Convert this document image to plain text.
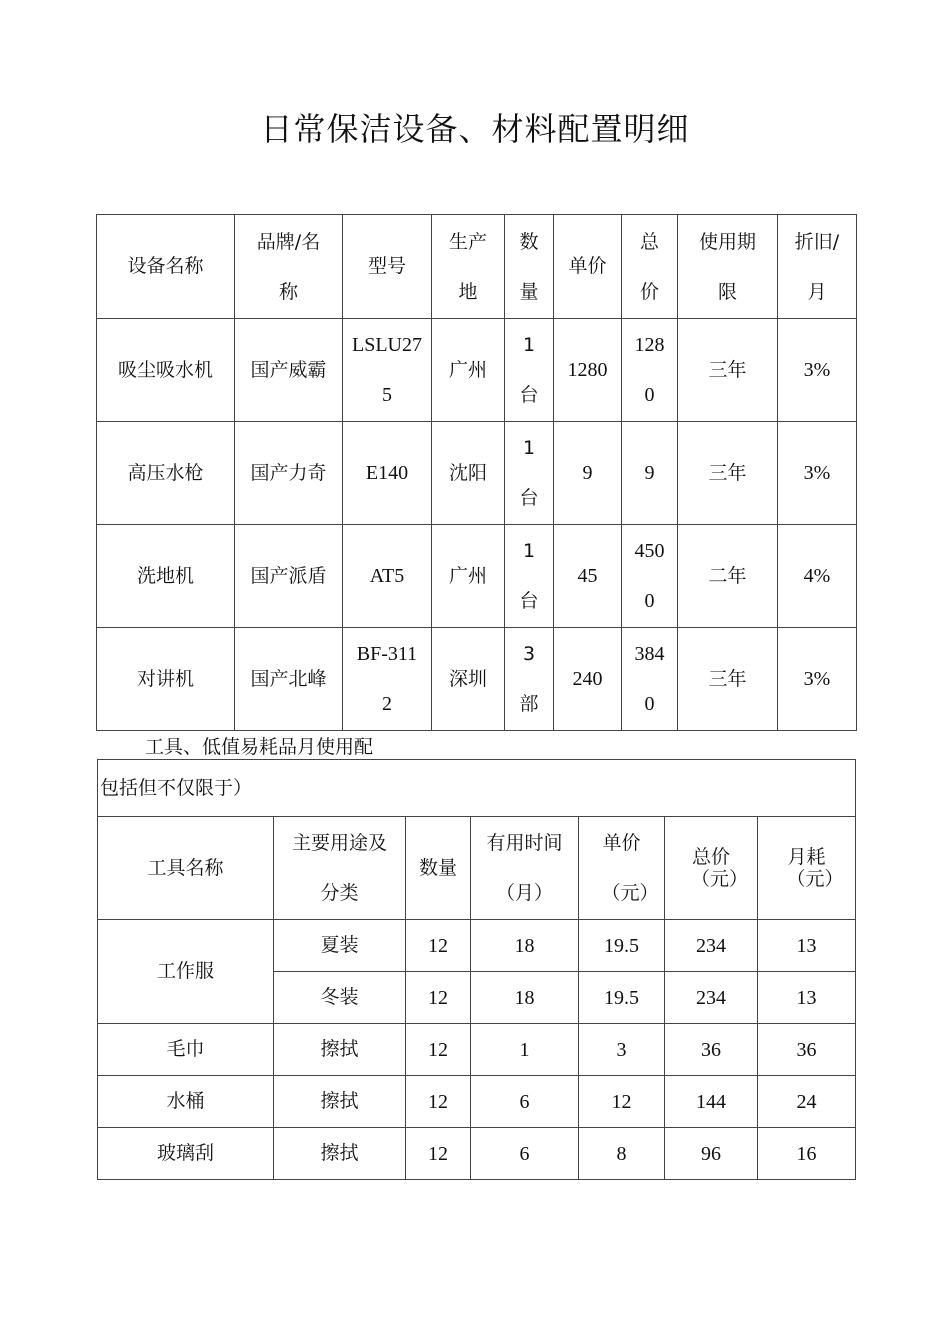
日常保洁设备、材料配置明细
设备名称	品牌/名称	型号	生产地	数量	单价	总价	使用期限	折旧/月
吸尘吸水机	国产威霸	LSLU275	广州	1台	1280	1280	三年	3%
高压水枪	国产力奇	E140	沈阳	1台	9	9	三年	3%
洗地机	国产派盾	AT5	广州	1台	45	4500	二年	4%
对讲机	国产北峰	BF-3112	深圳	3部	240	3840	三年	3%
工具、低值易耗品月使用配
包括但不仅限于）						
工具名称	主要用途及分类	数量	有用时间（月）	单价（元）	总价（元）	月耗（元）
工作服	夏装	12	18	19.5	234	13
	冬装	12	18	19.5	234	13
毛巾	擦拭	12	1	3	36	36
水桶	擦拭	12	6	12	144	24
玻璃刮	擦拭	12	6	8	96	16
